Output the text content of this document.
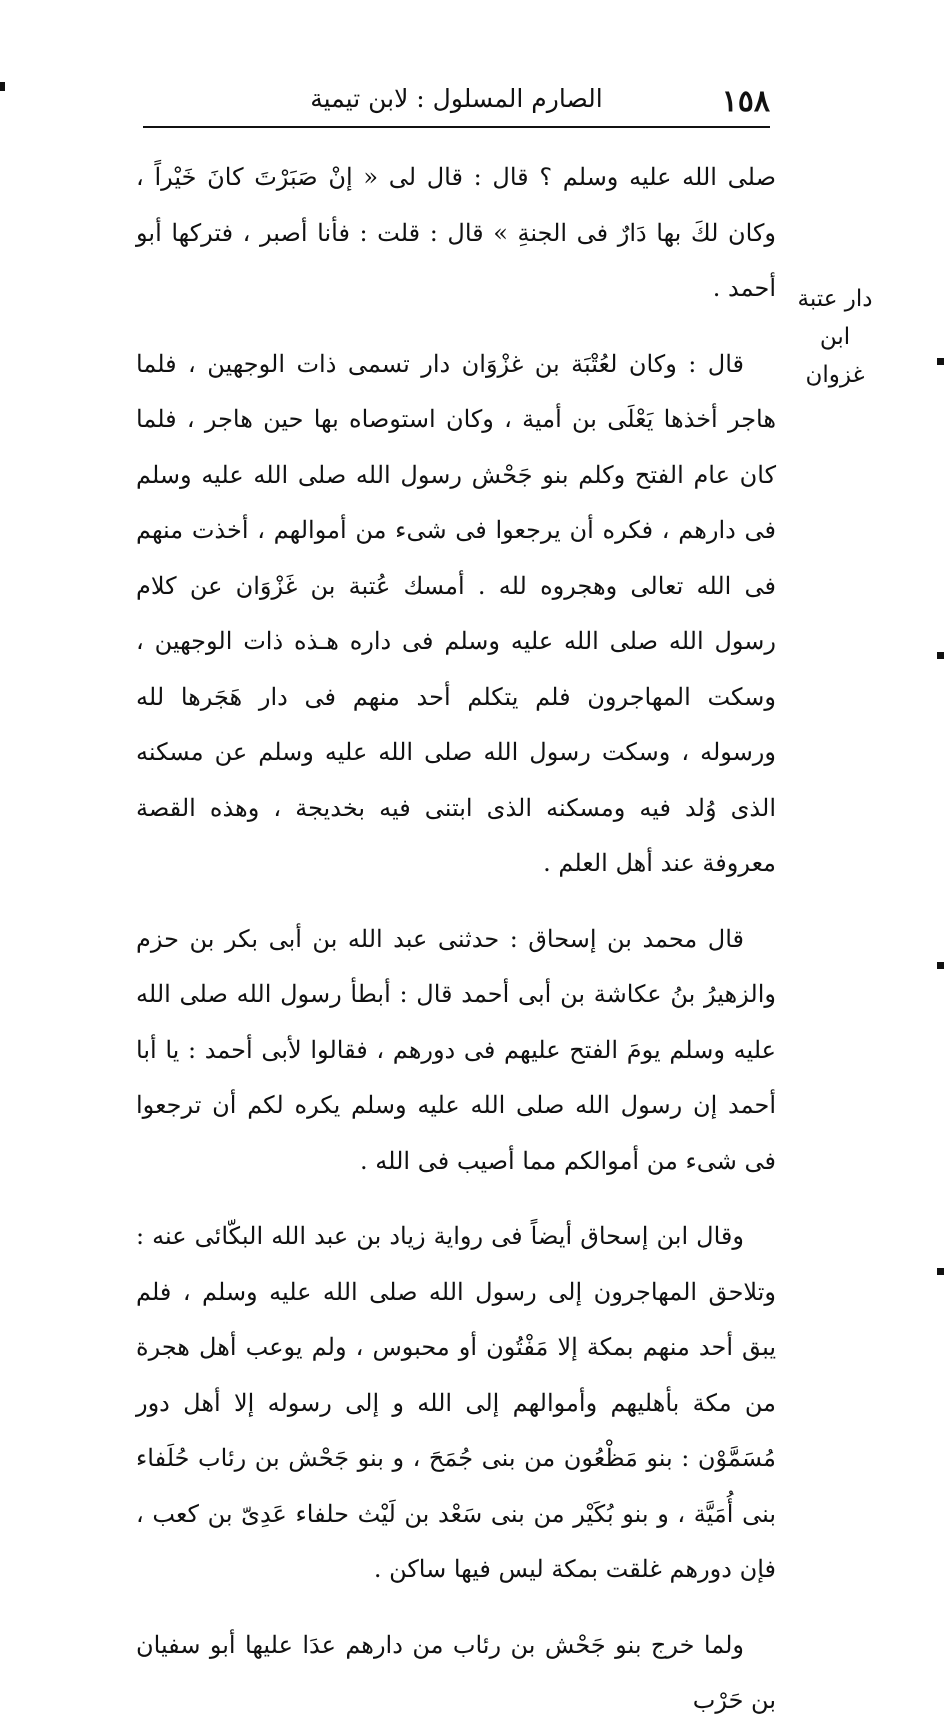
١٥٨
الصارم المسلول : لابن تيمية
دار عتبة
ابن غزوان

صلى الله عليه وسلم ؟ قال : قال لى « إنْ صَبَرْتَ كانَ خَيْراً ، وكان لكَ بها دَارٌ فى الجنةِ » قال : قلت : فأنا أصبر ، فتركها أبو أحمد .

قال : وكان لعُتْبَة بن غزْوَان دار تسمى ذات الوجهين ، فلما هاجر أخذها يَعْلَى بن أمية ، وكان استوصاه بها حين هاجر ، فلما كان عام الفتح وكلم بنو جَحْش رسول الله صلى الله عليه وسلم فى دارهم ، فكره أن يرجعوا فى شىء من أموالهم ، أخذت منهم فى الله تعالى وهجروه لله . أمسك عُتبة بن غَزْوَان عن كلام رسول الله صلى الله عليه وسلم فى داره هـذه ذات الوجهين ، وسكت المهاجرون فلم يتكلم أحد منهم فى دار هَجَرها لله ورسوله ، وسكت رسول الله صلى الله عليه وسلم عن مسكنه الذى وُلد فيه ومسكنه الذى ابتنى فيه بخديجة ، وهذه القصة معروفة عند أهل العلم .

قال محمد بن إسحاق : حدثنى عبد الله بن أبى بكر بن حزم والزهيرُ بنُ عكاشة بن أبى أحمد قال : أبطأ رسول الله صلى الله عليه وسلم يومَ الفتح عليهم فى دورهم ، فقالوا لأبى أحمد : يا أبا أحمد إن رسول الله صلى الله عليه وسلم يكره لكم أن ترجعوا فى شىء من أموالكم مما أصيب فى الله .

وقال ابن إسحاق أيضاً فى رواية زياد بن عبد الله البكّائى عنه : وتلاحق المهاجرون إلى رسول الله صلى الله عليه وسلم ، فلم يبق أحد منهم بمكة إلا مَفْتُون أو محبوس ، ولم يوعب أهل هجرة من مكة بأهليهم وأموالهم إلى الله و إلى رسوله إلا أهل دور مُسَمَّوْن : بنو مَظْعُون من بنى جُمَحَ ، و بنو جَحْش بن رئاب حُلَفاء بنى أُمَيَّة ، و بنو بُكَيْر من بنى سَعْد بن لَيْث حلفاء عَدِىّ بن كعب ، فإن دورهم غلقت بمكة ليس فيها ساكن .

ولما خرج بنو جَحْش بن رئاب من دارهم عدَا عليها أبو سفيان بن حَرْب
